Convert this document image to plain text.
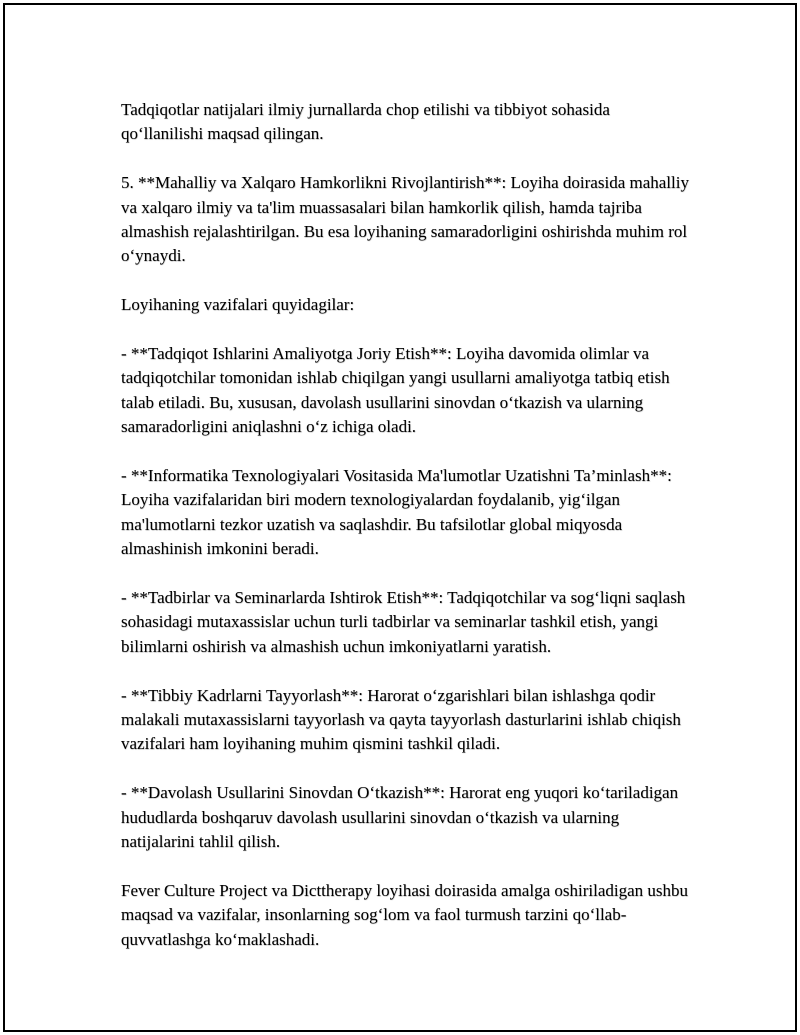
Tadqiqotlar natijalari ilmiy jurnallarda chop etilishi va tibbiyot sohasida qo‘llanilishi maqsad qilingan.

5. **Mahalliy va Xalqaro Hamkorlikni Rivojlantirish**: Loyiha doirasida mahalliy va xalqaro ilmiy va ta'lim muassasalari bilan hamkorlik qilish, hamda tajriba almashish rejalashtirilgan. Bu esa loyihaning samaradorligini oshirishda muhim rol o‘ynaydi.

Loyihaning vazifalari quyidagilar:

- **Tadqiqot Ishlarini Amaliyotga Joriy Etish**: Loyiha davomida olimlar va tadqiqotchilar tomonidan ishlab chiqilgan yangi usullarni amaliyotga tatbiq etish talab etiladi. Bu, xususan, davolash usullarini sinovdan o‘tkazish va ularning samaradorligini aniqlashni o‘z ichiga oladi.

- **Informatika Texnologiyalari Vositasida Ma'lumotlar Uzatishni Ta’minlash**: Loyiha vazifalaridan biri modern texnologiyalardan foydalanib, yig‘ilgan ma'lumotlarni tezkor uzatish va saqlashdir. Bu tafsilotlar global miqyosda almashinish imkonini beradi.

- **Tadbirlar va Seminarlarda Ishtirok Etish**: Tadqiqotchilar va sog‘liqni saqlash sohasidagi mutaxassislar uchun turli tadbirlar va seminarlar tashkil etish, yangi bilimlarni oshirish va almashish uchun imkoniyatlarni yaratish.

- **Tibbiy Kadrlarni Tayyorlash**: Harorat o‘zgarishlari bilan ishlashga qodir malakali mutaxassislarni tayyorlash va qayta tayyorlash dasturlarini ishlab chiqish vazifalari ham loyihaning muhim qismini tashkil qiladi.

- **Davolash Usullarini Sinovdan O‘tkazish**: Harorat eng yuqori ko‘tariladigan hududlarda boshqaruv davolash usullarini sinovdan o‘tkazish va ularning natijalarini tahlil qilish.

Fever Culture Project va Dicttherapy loyihasi doirasida amalga oshiriladigan ushbu maqsad va vazifalar, insonlarning sog‘lom va faol turmush tarzini qo‘llab-quvvatlashga ko‘maklashadi.
